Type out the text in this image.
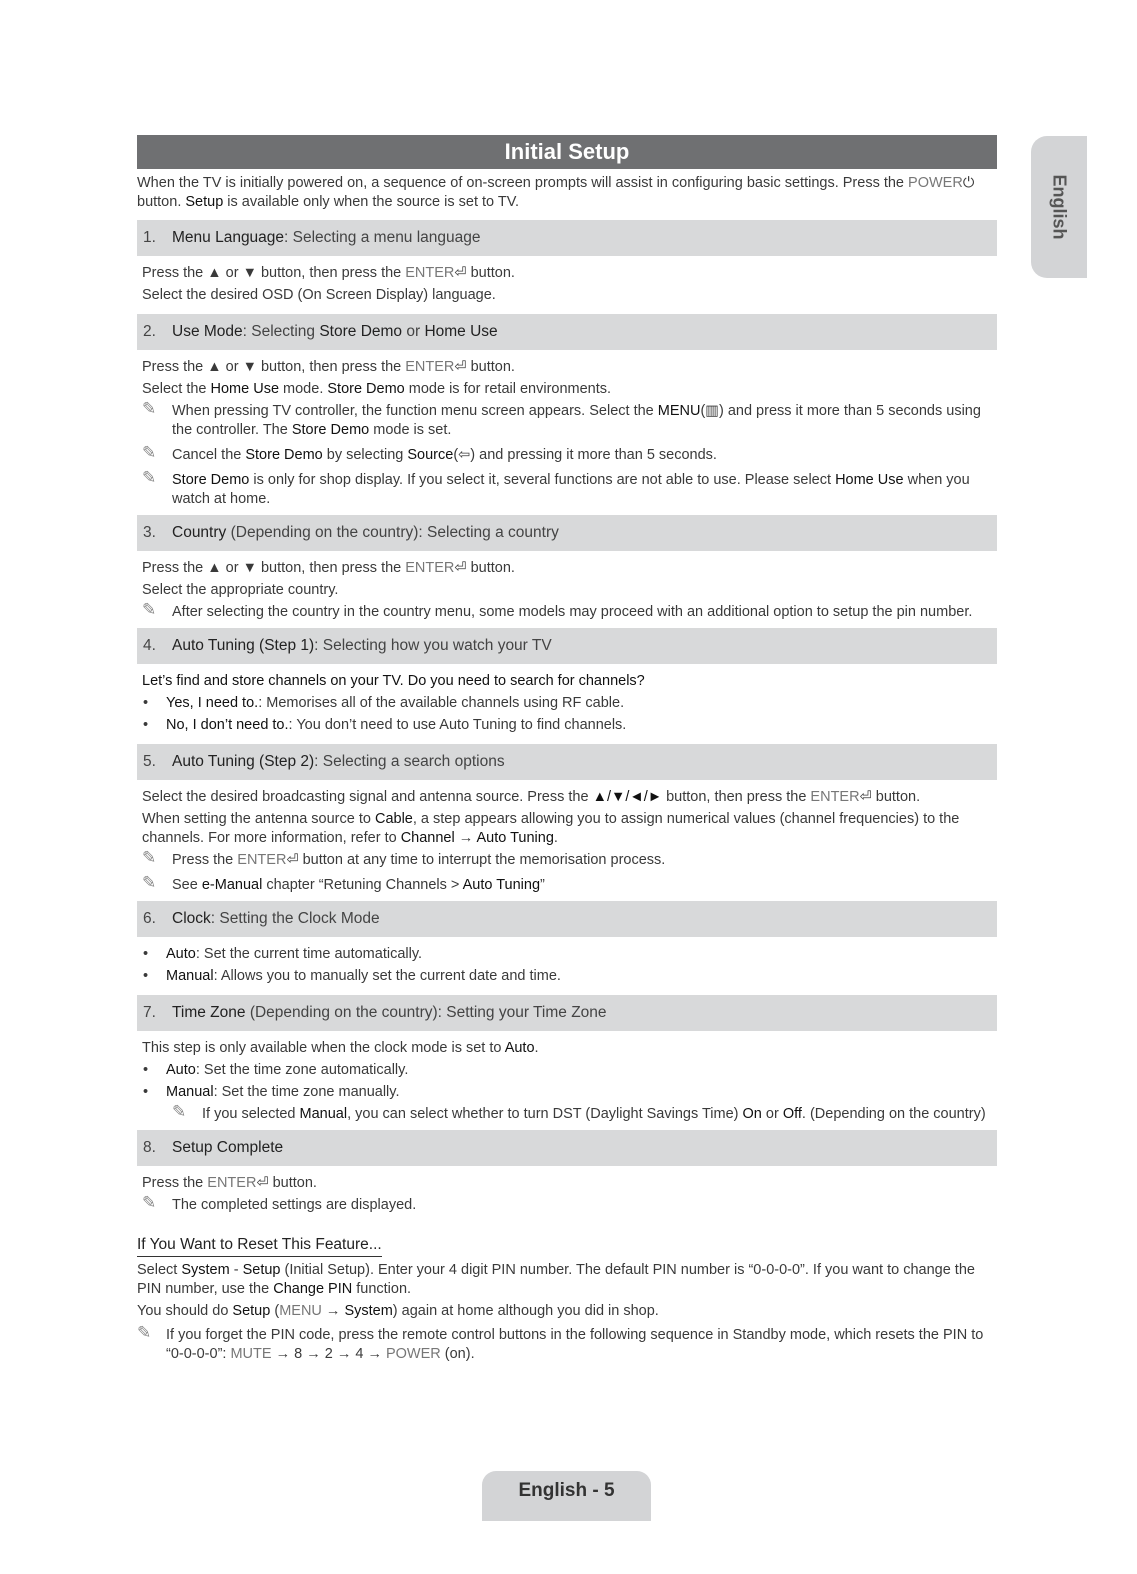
Initial Setup
English

When the TV is initially powered on, a sequence of on-screen prompts will assist in configuring basic settings. Press the POWER⏻ button. Setup is available only when the source is set to TV.

1. Menu Language: Selecting a menu language

Press the ▲ or ▼ button, then press the ENTER⏎ button.

Select the desired OSD (On Screen Display) language.

2. Use Mode: Selecting Store Demo or Home Use

Press the ▲ or ▼ button, then press the ENTER⏎ button.

Select the Home Use mode. Store Demo mode is for retail environments.

✎ When pressing TV controller, the function menu screen appears. Select the MENU(▥) and press it more than 5 seconds using the controller. The Store Demo mode is set.

✎ Cancel the Store Demo by selecting Source(⇦) and pressing it more than 5 seconds.

✎ Store Demo is only for shop display. If you select it, several functions are not able to use. Please select Home Use when you watch at home.

3. Country (Depending on the country): Selecting a country

Press the ▲ or ▼ button, then press the ENTER⏎ button.

Select the appropriate country.

✎ After selecting the country in the country menu, some models may proceed with an additional option to setup the pin number.

4. Auto Tuning (Step 1): Selecting how you watch your TV

Let’s find and store channels on your TV. Do you need to search for channels?

• Yes, I need to.: Memorises all of the available channels using RF cable.

• No, I don’t need to.: You don’t need to use Auto Tuning to find channels.

5. Auto Tuning (Step 2): Selecting a search options

Select the desired broadcasting signal and antenna source. Press the ▲/▼/◄/► button, then press the ENTER⏎ button.

When setting the antenna source to Cable, a step appears allowing you to assign numerical values (channel frequencies) to the channels. For more information, refer to Channel → Auto Tuning.

✎ Press the ENTER⏎ button at any time to interrupt the memorisation process.

✎ See e-Manual chapter “Retuning Channels > Auto Tuning”

6. Clock: Setting the Clock Mode

• Auto: Set the current time automatically.

• Manual: Allows you to manually set the current date and time.

7. Time Zone (Depending on the country): Setting your Time Zone

This step is only available when the clock mode is set to Auto.

• Auto: Set the time zone automatically.

• Manual: Set the time zone manually.

✎ If you selected Manual, you can select whether to turn DST (Daylight Savings Time) On or Off. (Depending on the country)

8. Setup Complete

Press the ENTER⏎ button.

✎ The completed settings are displayed.

If You Want to Reset This Feature...

Select System - Setup (Initial Setup). Enter your 4 digit PIN number. The default PIN number is “0-0-0-0”. If you want to change the PIN number, use the Change PIN function.

You should do Setup (MENU → System) again at home although you did in shop.

✎ If you forget the PIN code, press the remote control buttons in the following sequence in Standby mode, which resets the PIN to “0-0-0-0”: MUTE → 8 → 2 → 4 → POWER (on).

English - 5
